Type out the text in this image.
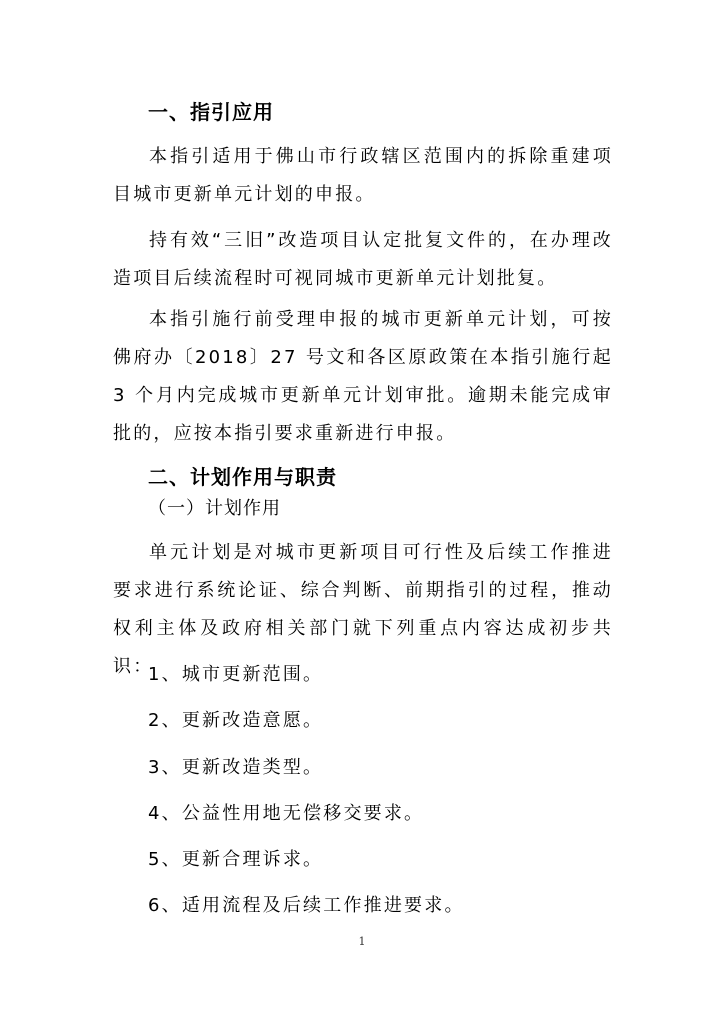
一、指引应用

本指引适用于佛山市行政辖区范围内的拆除重建项目城市更新单元计划的申报。

持有效“三旧”改造项目认定批复文件的，在办理改造项目后续流程时可视同城市更新单元计划批复。

本指引施行前受理申报的城市更新单元计划，可按佛府办〔2018〕27 号文和各区原政策在本指引施行起 3 个月内完成城市更新单元计划审批。逾期未能完成审批的，应按本指引要求重新进行申报。

二、计划作用与职责
（一）计划作用

单元计划是对城市更新项目可行性及后续工作推进要求进行系统论证、综合判断、前期指引的过程，推动权利主体及政府相关部门就下列重点内容达成初步共识：

1、城市更新范围。
2、更新改造意愿。
3、更新改造类型。
4、公益性用地无偿移交要求。
5、更新合理诉求。
6、适用流程及后续工作推进要求。
1
